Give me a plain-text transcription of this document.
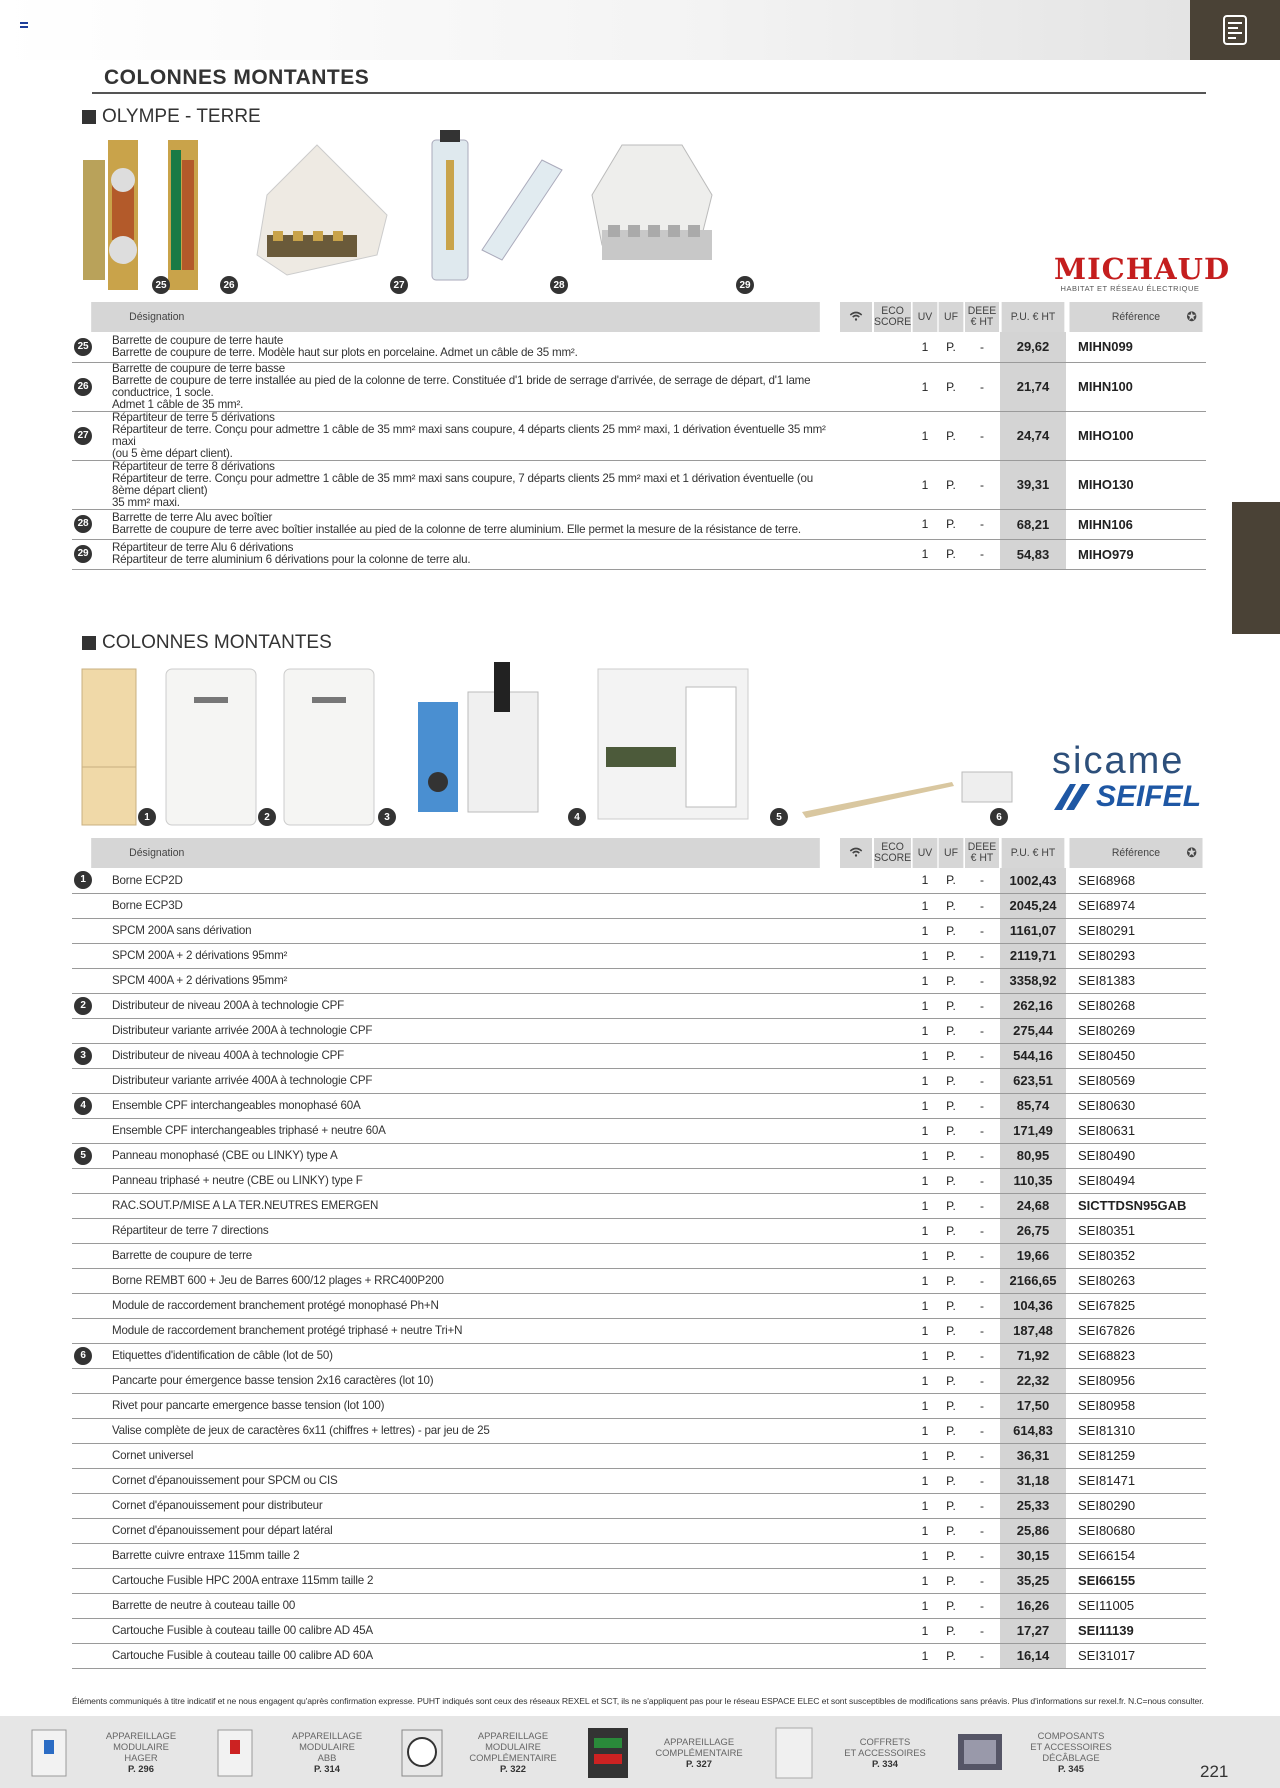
COLONNES MONTANTES
OLYMPE - TERRE
25	26	27	28	29	MICHAUD
HABITAT ET RÉSEAU ÉLECTRIQUE
Désignation		ECO SCORE	UV	UF	DEEE € HT	P.U. € HT	Référence ✪

25 Barrette de coupure de terre haute
Barrette de coupure de terre. Modèle haut sur plots en porcelaine. Admet un câble de 35 mm².			1	P.	-	29,62	MIHN099

26
Barrette de coupure de terre basse
Barrette de coupure de terre installée au pied de la colonne de terre. Constituée d'1 bride de serrage d'arrivée, de serrage de départ, d'1 lame conductrice, 1 socle.
Admet 1 câble de 35 mm².			1	P.	-	21,74	MIHN100

27
Répartiteur de terre 5 dérivations
Répartiteur de terre. Conçu pour admettre 1 câble de 35 mm² maxi sans coupure, 4 départs clients 25 mm² maxi, 1 dérivation éventuelle 35 mm² maxi
(ou 5 ème départ client).			1	P.	-	24,74	MIHO100

Répartiteur de terre 8 dérivations
Répartiteur de terre. Conçu pour admettre 1 câble de 35 mm² maxi sans coupure, 7 départs clients 25 mm² maxi et 1 dérivation éventuelle (ou 8ème départ client)
35 mm² maxi.			1	P.	-	39,31	MIHO130

28 Barrette de terre Alu avec boîtier
Barrette de coupure de terre avec boîtier installée au pied de la colonne de terre aluminium. Elle permet la mesure de la résistance de terre.			1	P.	-	68,21	MIHN106

29 Répartiteur de terre Alu 6 dérivations
Répartiteur de terre aluminium 6 dérivations pour la colonne de terre alu.			1	P.	-	54,83	MIHO979
COLONNES MONTANTES
1	2	3	4	5	6
sicame
SEIFEL
Désignation		ECO SCORE	UV	UF	DEEE € HT	P.U. € HT	Référence ✪

1 Borne ECP2D			1	P.	-	1002,43	SEI68968
Borne ECP3D			1	P.	-	2045,24	SEI68974
SPCM 200A sans dérivation			1	P.	-	1161,07	SEI80291
SPCM 200A + 2 dérivations 95mm²			1	P.	-	2119,71	SEI80293
SPCM 400A + 2 dérivations 95mm²			1	P.	-	3358,92	SEI81383

2 Distributeur de niveau 200A à technologie CPF			1	P.	-	262,16	SEI80268
Distributeur variante arrivée 200A à technologie CPF			1	P.	-	275,44	SEI80269

3 Distributeur de niveau 400A à technologie CPF			1	P.	-	544,16	SEI80450
Distributeur variante arrivée 400A à technologie CPF			1	P.	-	623,51	SEI80569

4 Ensemble CPF interchangeables monophasé 60A			1	P.	-	85,74	SEI80630
Ensemble CPF interchangeables triphasé + neutre 60A			1	P.	-	171,49	SEI80631

5 Panneau monophasé (CBE ou LINKY) type A			1	P.	-	80,95	SEI80490
Panneau triphasé + neutre (CBE ou LINKY) type F			1	P.	-	110,35	SEI80494
RAC.SOUT.P/MISE A LA TER.NEUTRES EMERGEN			1	P.	-	24,68	SICTTDSN95GAB
Répartiteur de terre 7 directions			1	P.	-	26,75	SEI80351
Barrette de coupure de terre			1	P.	-	19,66	SEI80352
Borne REMBT 600 + Jeu de Barres 600/12 plages + RRC400P200			1	P.	-	2166,65	SEI80263
Module de raccordement branchement protégé monophasé Ph+N			1	P.	-	104,36	SEI67825
Module de raccordement branchement protégé triphasé + neutre Tri+N			1	P.	-	187,48	SEI67826

6 Etiquettes d'identification de câble (lot de 50)			1	P.	-	71,92	SEI68823
Pancarte pour émergence basse tension 2x16 caractères (lot 10)			1	P.	-	22,32	SEI80956
Rivet pour pancarte emergence basse tension (lot 100)			1	P.	-	17,50	SEI80958
Valise complète de jeux de caractères 6x11 (chiffres + lettres) - par jeu de 25			1	P.	-	614,83	SEI81310
Cornet universel			1	P.	-	36,31	SEI81259
Cornet d'épanouissement pour SPCM ou CIS			1	P.	-	31,18	SEI81471
Cornet d'épanouissement pour distributeur			1	P.	-	25,33	SEI80290
Cornet d'épanouissement pour départ latéral			1	P.	-	25,86	SEI80680
Barrette cuivre entraxe 115mm taille 2			1	P.	-	30,15	SEI66154
Cartouche Fusible HPC 200A entraxe 115mm taille 2			1	P.	-	35,25	SEI66155
Barrette de neutre à couteau taille 00			1	P.	-	16,26	SEI11005
Cartouche Fusible à couteau taille 00 calibre AD 45A			1	P.	-	17,27	SEI11139
Cartouche Fusible à couteau taille 00 calibre AD 60A			1	P.	-	16,14	SEI31017
Éléments communiqués à titre indicatif et ne nous engagent qu'après confirmation expresse. PUHT indiqués sont ceux des réseaux REXEL et SCT, ils ne s'appliquent pas pour le réseau ESPACE ELEC et sont susceptibles de modifications sans préavis. Plus d'informations sur rexel.fr. N.C=nous consulter.
APPAREILLAGE
MODULAIRE
HAGER
P. 296
APPAREILLAGE
MODULAIRE
ABB
P. 314
APPAREILLAGE
MODULAIRE
COMPLÉMENTAIRE
P. 322
APPAREILLAGE
COMPLÉMENTAIRE
P. 327
COFFRETS
ET ACCESSOIRES
P. 334
COMPOSANTS
ET ACCESSOIRES
DÉCÂBLAGE
P. 345	221
